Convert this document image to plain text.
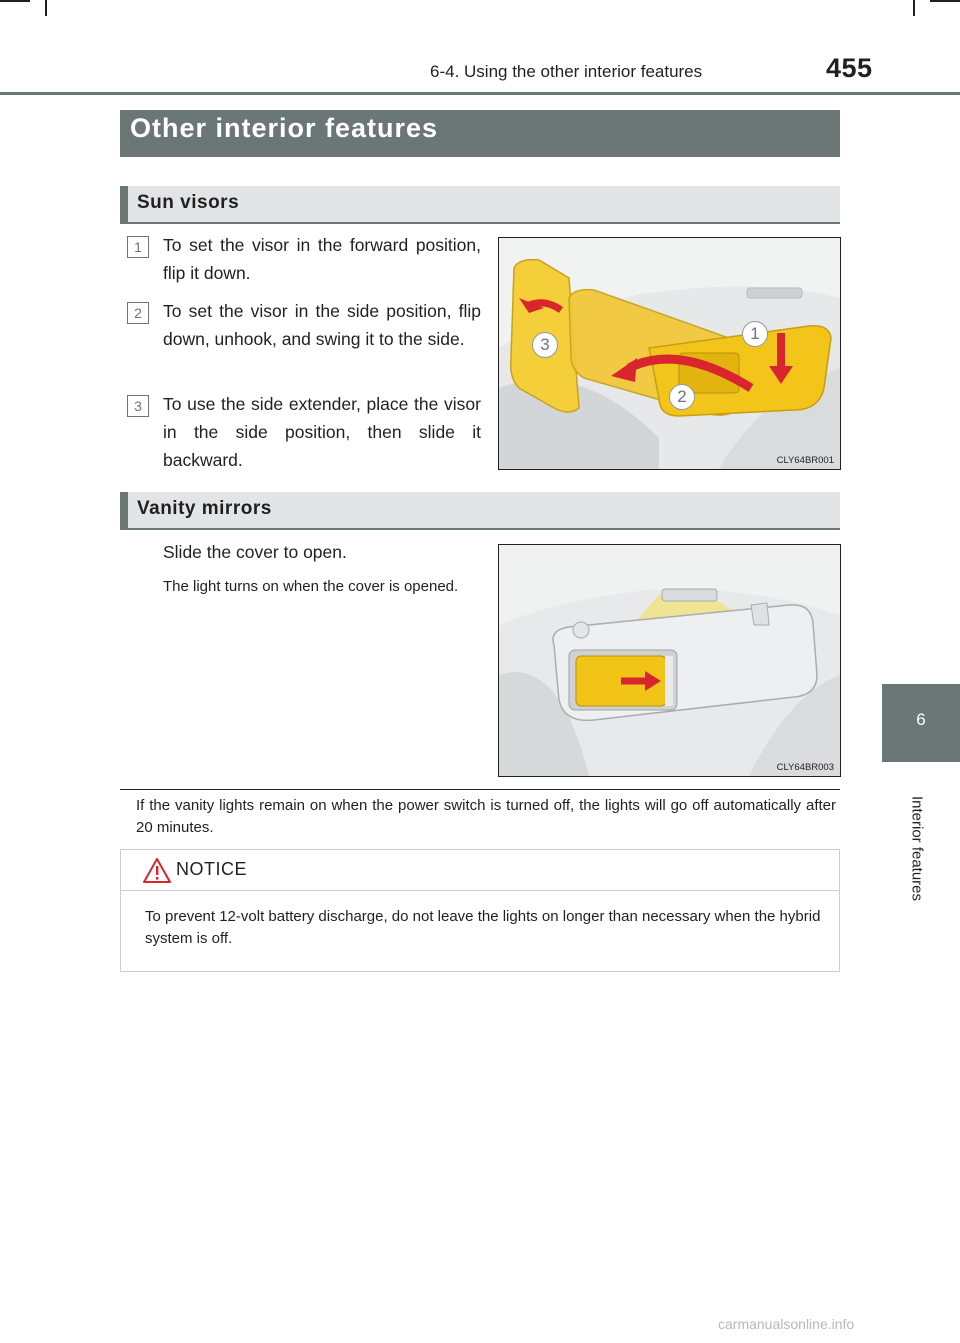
6-4. Using the other interior features	455
6
Interior features
Other interior features
Sun visors
1	To set the visor in the forward position, flip it down.
2	To set the visor in the side position, flip down, unhook, and swing it to the side.
3	To use the side extender, place the visor in the side position, then slide it backward.
1
2
3
CLY64BR001
Vanity mirrors
Slide the cover to open.
The light turns on when the cover is opened.
CLY64BR003
If the vanity lights remain on when the power switch is turned off, the lights will go off automatically after 20 minutes.
NOTICE
To prevent 12-volt battery discharge, do not leave the lights on longer than necessary when the hybrid system is off.
carmanualsonline.info
